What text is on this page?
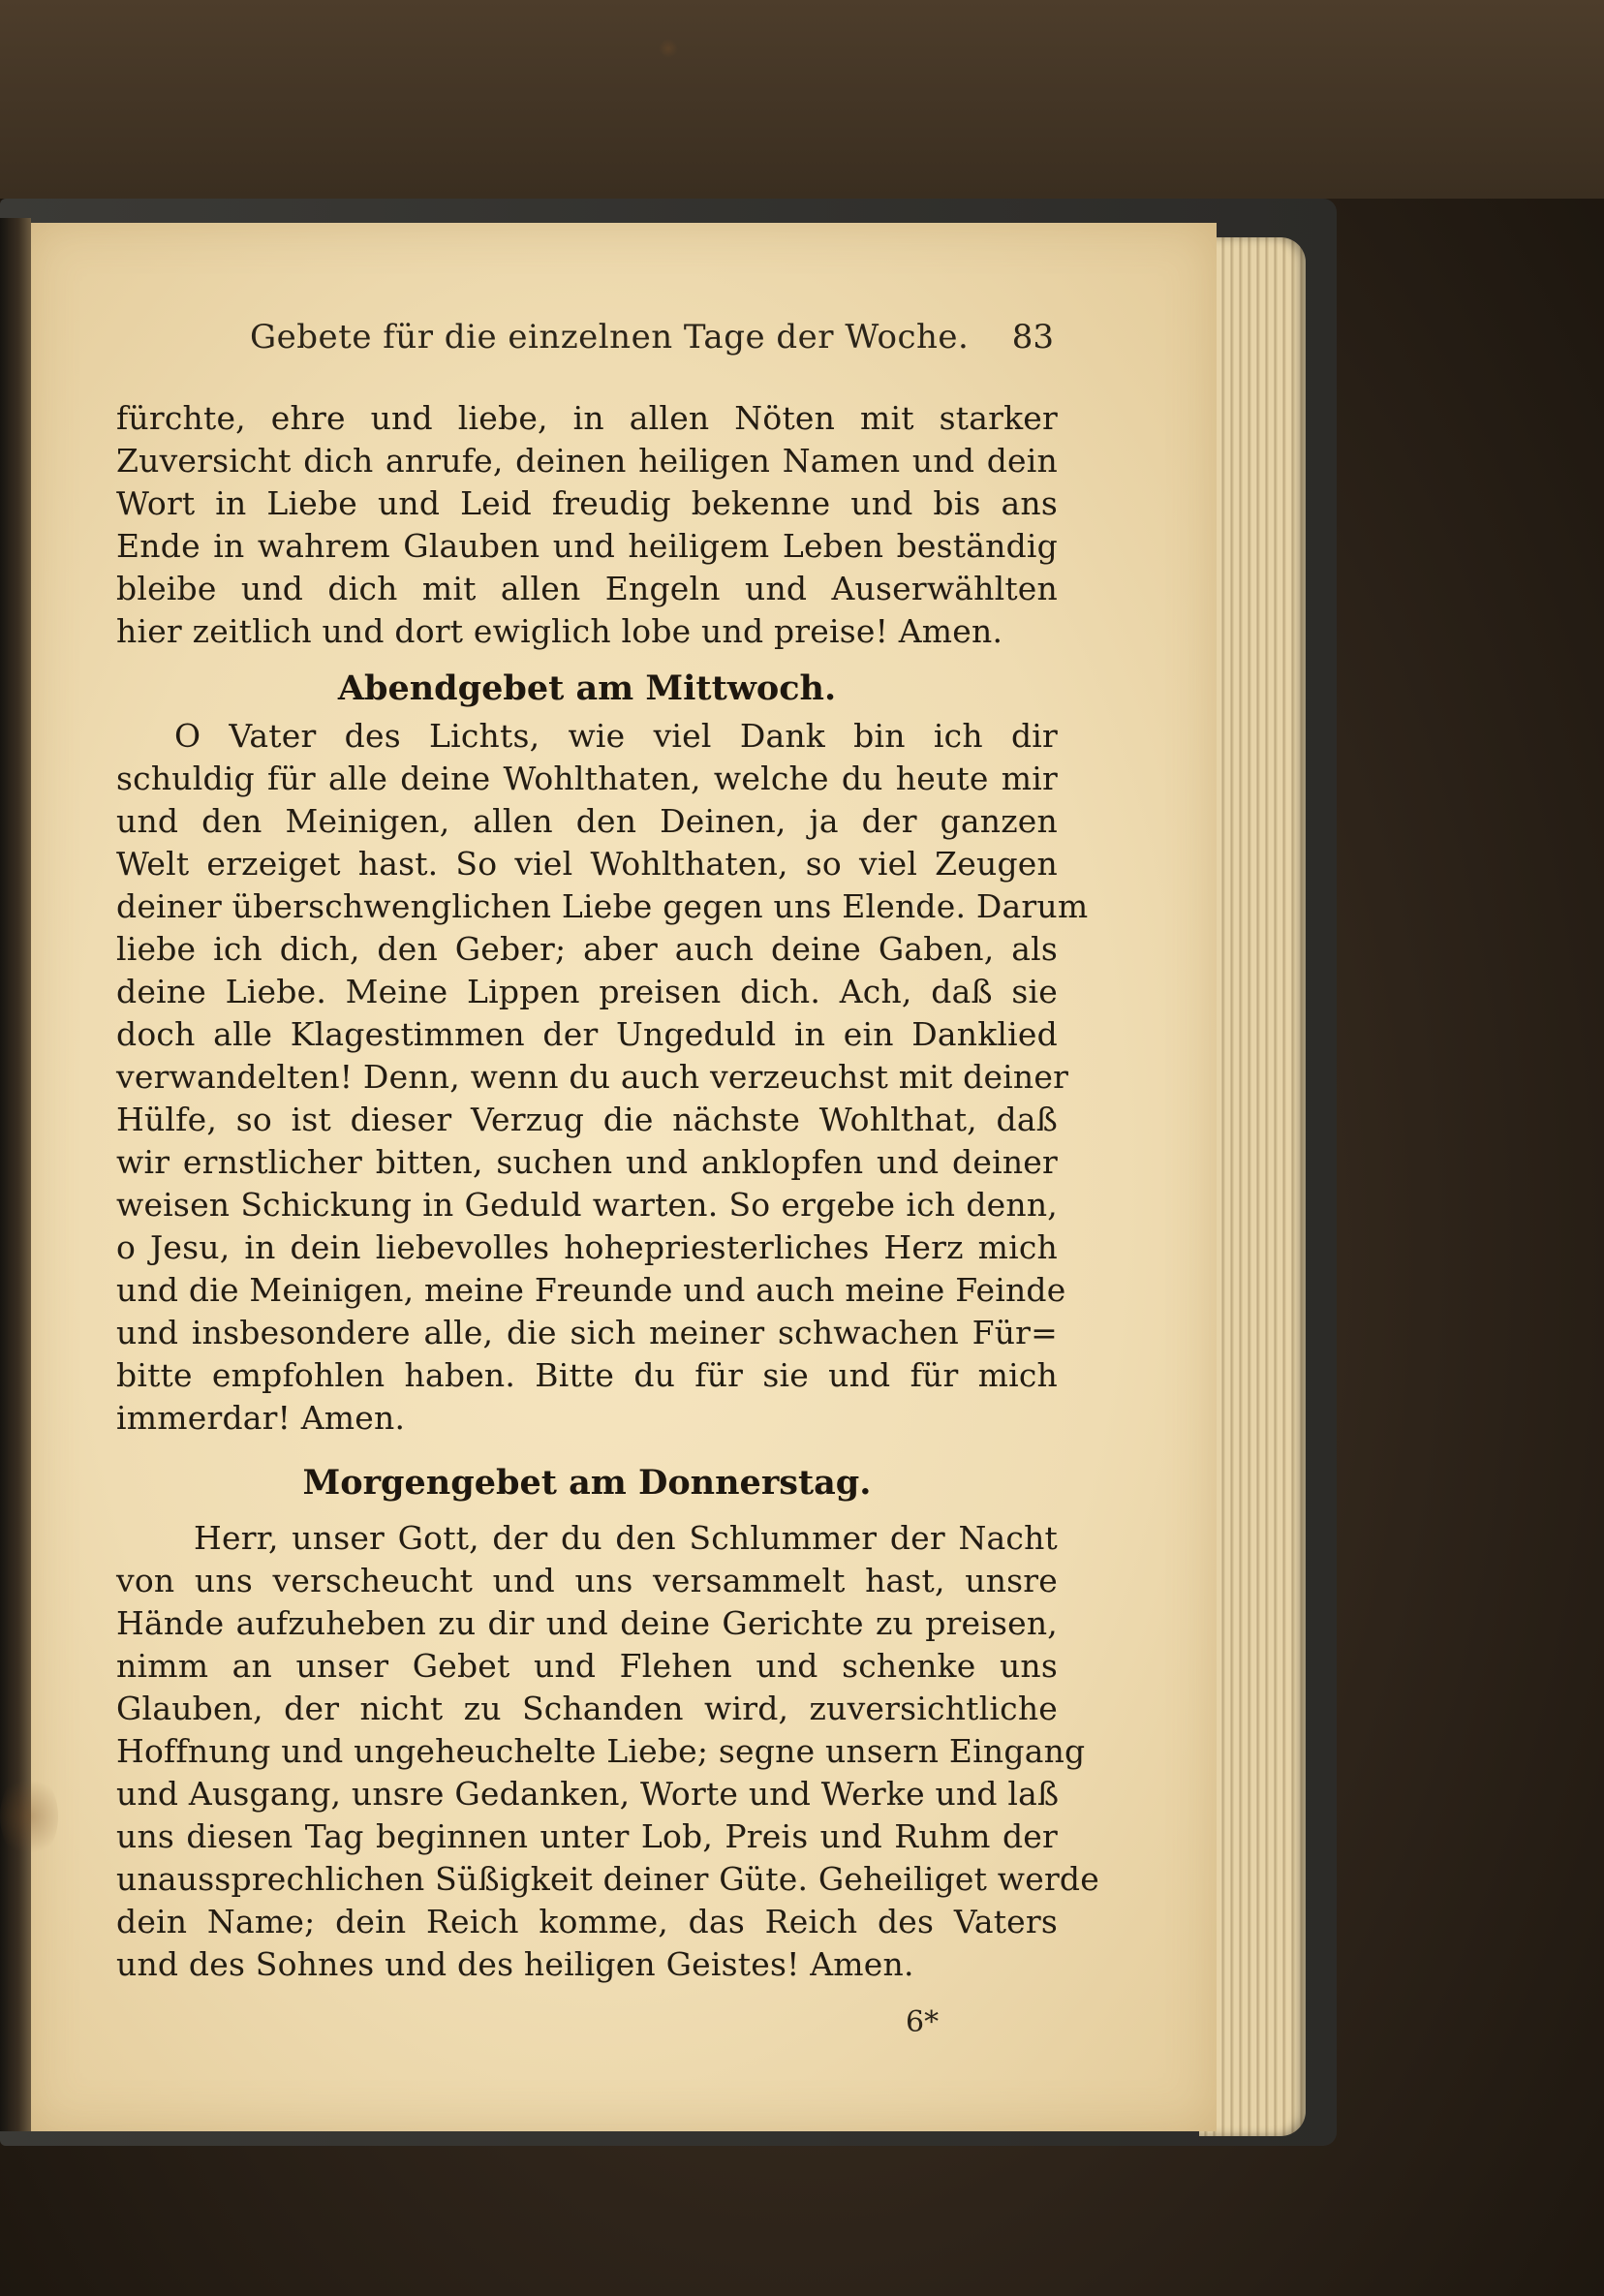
Gebete für die einzelnen Tage der Woche. 83
fürchte, ehre und liebe, in allen Nöten mit starker
Zuversicht dich anrufe, deinen heiligen Namen und dein
Wort in Liebe und Leid freudig bekenne und bis ans
Ende in wahrem Glauben und heiligem Leben beständig
bleibe und dich mit allen Engeln und Auserwählten
hier zeitlich und dort ewiglich lobe und preise! Amen.
Abendgebet am Mittwoch.
O Vater des Lichts, wie viel Dank bin ich dir
schuldig für alle deine Wohlthaten, welche du heute mir
und den Meinigen, allen den Deinen, ja der ganzen
Welt erzeiget hast. So viel Wohlthaten, so viel Zeugen
deiner überschwenglichen Liebe gegen uns Elende. Darum
liebe ich dich, den Geber; aber auch deine Gaben, als
deine Liebe. Meine Lippen preisen dich. Ach, daß sie
doch alle Klagestimmen der Ungeduld in ein Danklied
verwandelten! Denn, wenn du auch verzeuchst mit deiner
Hülfe, so ist dieser Verzug die nächste Wohlthat, daß
wir ernstlicher bitten, suchen und anklopfen und deiner
weisen Schickung in Geduld warten. So ergebe ich denn,
o Jesu, in dein liebevolles hohepriesterliches Herz mich
und die Meinigen, meine Freunde und auch meine Feinde
und insbesondere alle, die sich meiner schwachen Für=
bitte empfohlen haben. Bitte du für sie und für mich
immerdar! Amen.
Morgengebet am Donnerstag.
Herr, unser Gott, der du den Schlummer der Nacht
von uns verscheucht und uns versammelt hast, unsre
Hände aufzuheben zu dir und deine Gerichte zu preisen,
nimm an unser Gebet und Flehen und schenke uns
Glauben, der nicht zu Schanden wird, zuversichtliche
Hoffnung und ungeheuchelte Liebe; segne unsern Eingang
und Ausgang, unsre Gedanken, Worte und Werke und laß
uns diesen Tag beginnen unter Lob, Preis und Ruhm der
unaussprechlichen Süßigkeit deiner Güte. Geheiliget werde
dein Name; dein Reich komme, das Reich des Vaters
und des Sohnes und des heiligen Geistes! Amen.
6*
